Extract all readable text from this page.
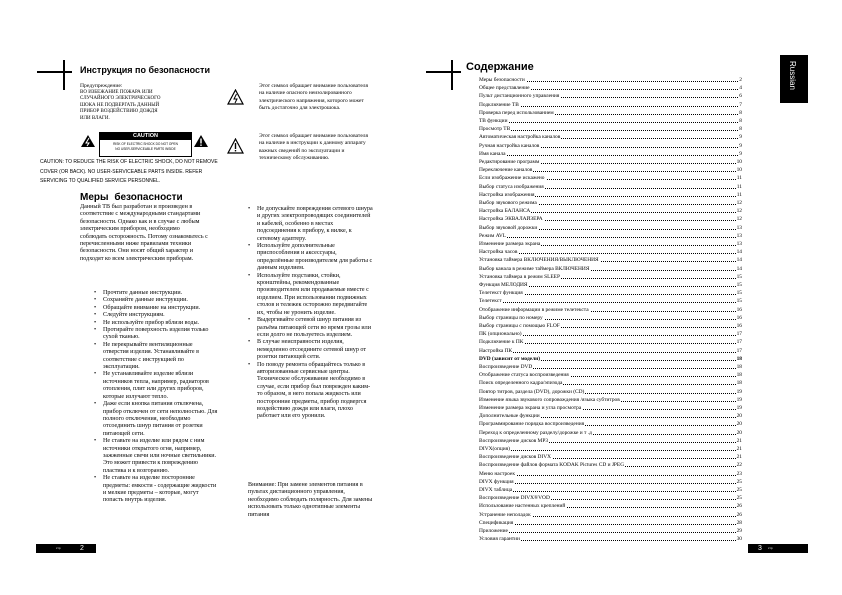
Инструкция по безопасности
Предупреждение:
ВО ИЗБЕЖАНИЕ ПОЖАРА ИЛИ СЛУЧАЙНОГО ЭЛЕКТРИЧЕСКОГО ШОКА НЕ ПОДВЕРГАТЬ ДАННЫЙ ПРИБОР ВОЗДЕЙСТВИЮ ДОЖДЯ ИЛИ ВЛАГИ.
CAUTION
RISK OF ELECTRIC SHOCK DO NOT OPEN
NO USER-SERVICEABLE PARTS INSIDE
CAUTION: TO REDUCE THE RISK OF ELECTRIC SHOCK, DO NOT REMOVE COVER (OR BACK). NO USER-SERVICEABLE PARTS INSIDE. REFER SERVICING TO QUALIFIED SERVICE PERSONNEL.
Этот символ обращает внимание пользователя на наличие опасного неизолированного электрического напряжения, которого может быть достаточно для электрошока.
Этот символ обращает внимание пользователя на наличие в инструкции к данному аппарату важных сведений по эксплуатации и техническому обслуживанию.
Меры безопасности
Данный ТВ был разработан и произведен в соответствие с международными стандартами безопасности. Однако как и в случае с любым электрическим прибором, необходимо соблюдать осторожность. Потому ознакомьтесь с перечисленными ниже правилами техники безопасности. Они носят общий характер и подходят ко всем электрическим приборам.
• Прочтите данные инструкции.
• Сохраняйте данные инструкции.
• Обращайте внимание на инструкции.
• Следуйте инструкциям.
• Не используйте прибор вблизи воды.
• Протирайте поверхность изделия только сухой тканью.
• Не перекрывайте вентиляционные отверстия изделия. Устанавливайте в соответствие с инструкцией по эксплуатации.
• Не устанавливайте изделие вблизи источников тепла, например, радиаторов отопления, плит или других приборов, которые излучают тепло.
• Даже если кнопка питания отключена, прибор отключен от сети неполностью. Для полного отключения, необходимо отсоединить шнур питания от розетки питающей сети.
• Не ставьте на изделие или рядом с ним источники открытого огня, например, зажженные свечи или ночные светильники. Это может привести к повреждению пластика и к возгоранию.
• Не ставьте на изделие посторонние предметы: емкости - содержащие жидкости и мелкие предметы – которые, могут попасть внутрь изделия.
• Не допускайте повреждения сетевого шнура и других электропроводящих соединителей и кабелей, особенно в местах подсоединения к прибору, к вилке, к сетевому адаптеру.
• Используйте дополнительные приспособления и аксессуары, определённые производителем для работы с данным изделием.
• Используйте подставки, стойки, кронштейны, рекомендованные производителем или продаваемые вместе с изделием. При использовании подвижных столов и тележек осторожно передвигайте их, чтобы не уронить изделие.
• Выдергивайте сетевой шнур питания из разъёма питающей сети во время грозы или если долго не пользуетесь изделием.
• В случае неисправности изделия, немедленно отсоедините сетевой шнур от розетки питающей сети.
• По поводу ремонта обращайтесь только в авторизованные сервисные центры. Техническое обслуживание необходимо в случае, если прибор был поврежден каким-то образом, в него попала жидкость или посторонние предметы, прибор подвергся воздействию дождя или влаги, плохо работает или его уронили.
Внимание: При замене элементов питания в пультах дистанционного управления, необходимо соблюдать полярность. Для замены использовать только однотипные элементы питания
стр	2
Содержание	Russian
Меры безопасности	2
Общее представление	4
Пульт дистанционного управления	6
Подключение ТВ	7
Проверка перед использованием	8
ТВ функции	8
Просмотр ТВ	8
Автоматическая настройка каналов	9
Ручная настройка каналов	9
Имя канала	9
Редактирование программ	10
Переключение каналов	10
Если изображение искажено	11
Выбор статуса изображения	11
Настройка изображения	11
Выбор звукового режима	12
Настройка БАЛАНСА	12
Настройка ЭКВАЛАЙЗЕРА	12
Выбор звуковой дорожки	13
Режим AVL	13
Изменение размера экрана	13
Настройка часов	14
Установка таймера ВКЛЮЧЕНИЯ/ВЫКЛЮЧЕНИЯ	14
Выбор канала в режиме таймера ВКЛЮЧЕНИЯ	14
Установка таймера в режим SLEEP	15
Функция МЕЛОДИЯ	15
Телетекст функция	15
Телетекст	15
Отображение информации в режиме телетекста	16
Выбор страницы по номеру	16
Выбор страницы с помощью FLOF	16
ПК (опционально)	17
Подключение к ПК	17
Настройка ПК	17
DVD (зависит от модели)	18
Воспроизведение DVD	18
Отображение статуса воспроизведения	18
Поиск определенного кадра/эпизода	18
Повтор титров, раздела (DVD), дорожки (CD)	19
Изменение языка звукового сопровождения /языка субтитров	19
Изменение размера экрана и угла просмотра	19
Дополнительные функции	20
Программирование порядка воспроизведения	20
Переход к определенному разделу/дорожке и т .д	20
Воспроизведение дисков MP3	21
DIVX(опция)	21
Воспроизведение дисков DIVX	21
Воспроизведение файлов формата KODAK Pictures CD и JPEG	22
Меню настроек	23
DIVX функция	25
DIVX таблица	25
Воспроизведение DIVX®VOD	25
Использование настенных креплений	26
Устранение неполадок	26
Спецификация	28
Приложение	29
Условия гарантии	30
3 стр
